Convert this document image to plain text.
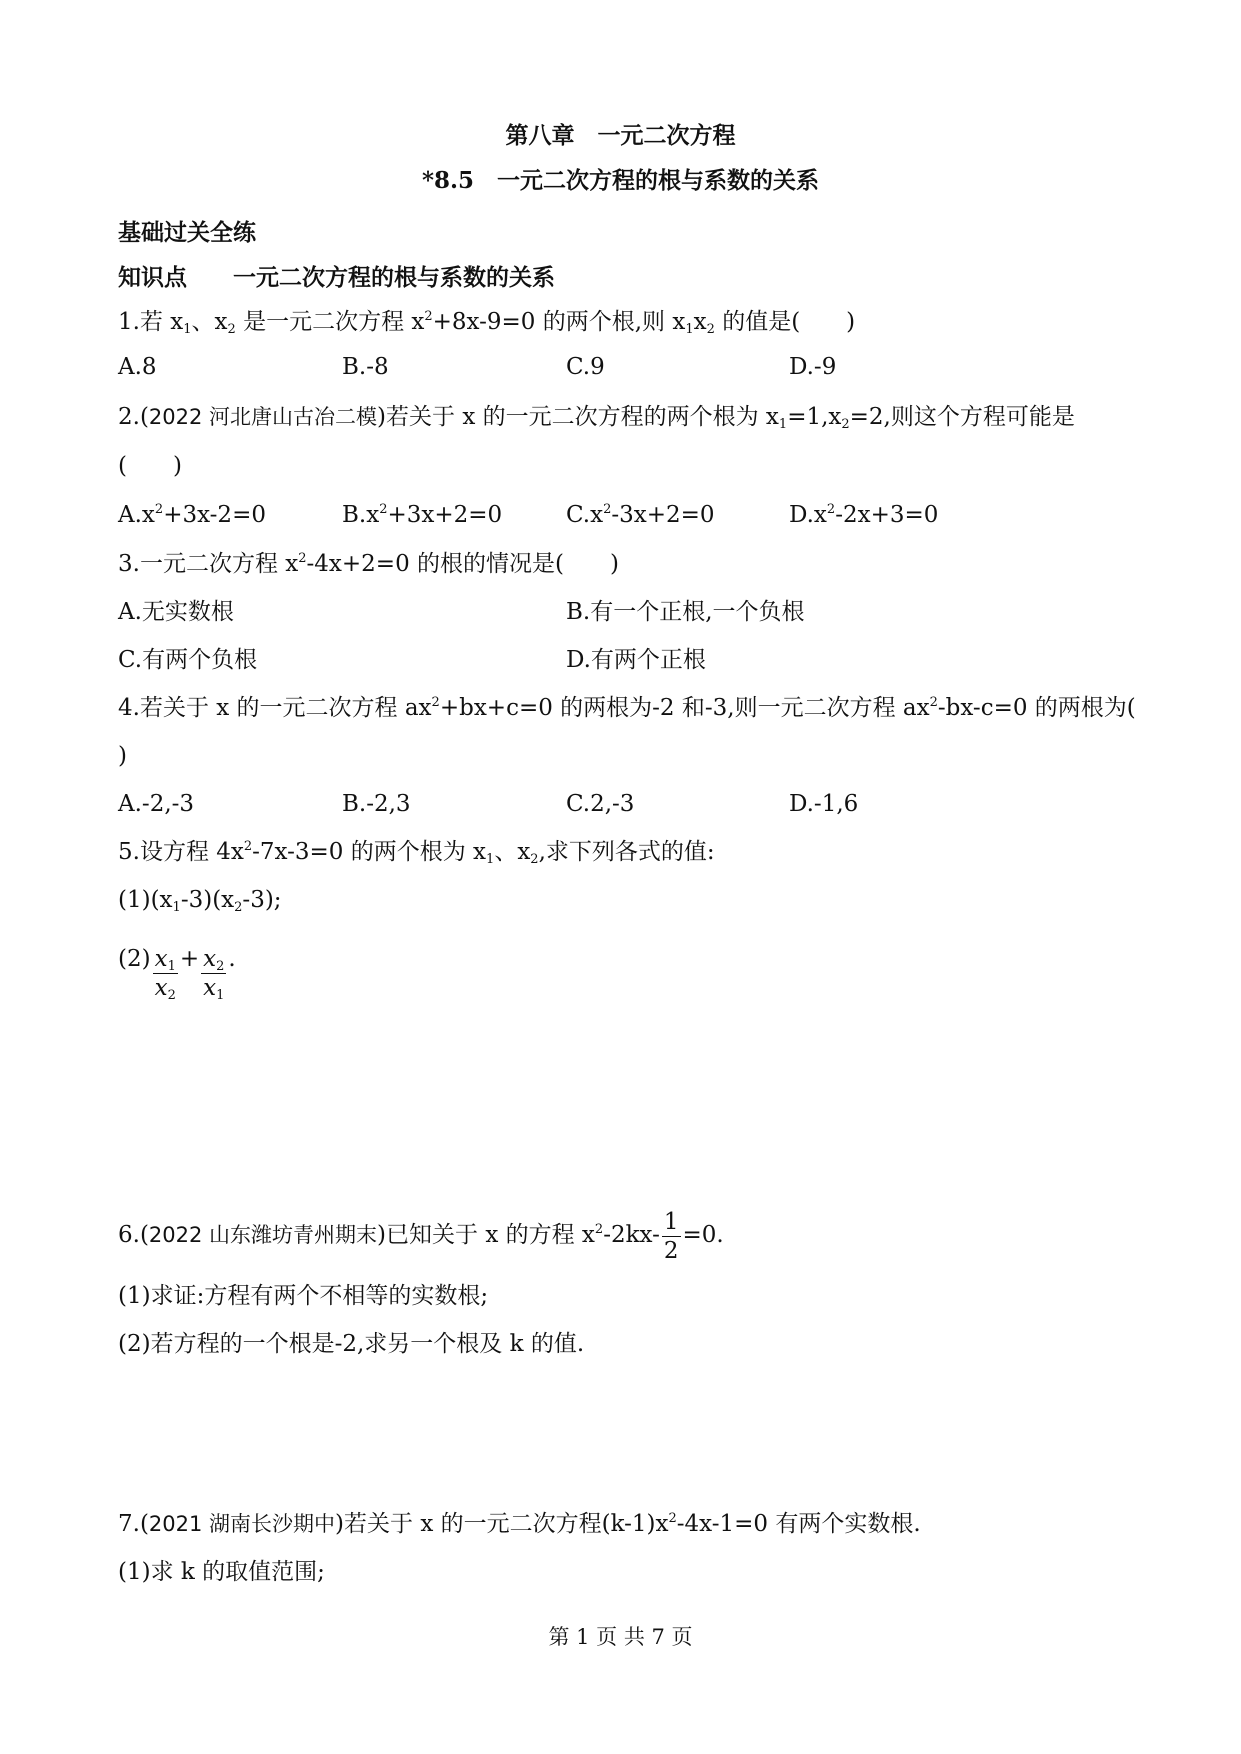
第八章　一元二次方程
*8.5　一元二次方程的根与系数的关系
基础过关全练
知识点　　一元二次方程的根与系数的关系
1.若 $x_1$、$x_2$ 是一元二次方程 $x^2+8x-9=0$ 的两个根,则 $x_1x_2$ 的值是(　　)
A.8	B.-8	C.9	D.-9
2.(2022 河北唐山古冶二模)若关于 x 的一元二次方程的两个根为 $x_1=1,x_2=2$,则这个方程可能是
(　　)
$A.x^2+3x-2=0$	$B.x^2+3x+2=0$	$C.x^2-3x+2=0$	$D.x^2-2x+3=0$
3.一元二次方程 $x^2-4x+2=0$ 的根的情况是(　　)
A.无实数根	B.有一个正根,一个负根
C.有两个负根	D.有两个正根
4.若关于 x 的一元二次方程 $ax^2+bx+c=0$ 的两根为-2 和-3,则一元二次方程 $ax^2-bx-c=0$ 的两根为(
)
A.-2,-3	B.-2,3	C.2,-3	D.-1,6
5.设方程 $4x^2-7x-3=0$ 的两个根为 $x_1$、$x_2$,求下列各式的值:
$(1)(x_1-3)(x_2-3)$;
$(2) \frac{x_1}{x_2} + \frac{x_2}{x_1}$ .
6.(2022 山东潍坊青州期末)已知关于 x 的方程 $x^2-2kx- \frac{1}{2} =0$.
(1)求证:方程有两个不相等的实数根;
(2)若方程的一个根是-2,求另一个根及 k 的值.
7.(2021 湖南长沙期中)若关于 x 的一元二次方程$(k-1)x^2-4x-1=0$ 有两个实数根.
(1)求 k 的取值范围;
第 1 页 共 7 页
